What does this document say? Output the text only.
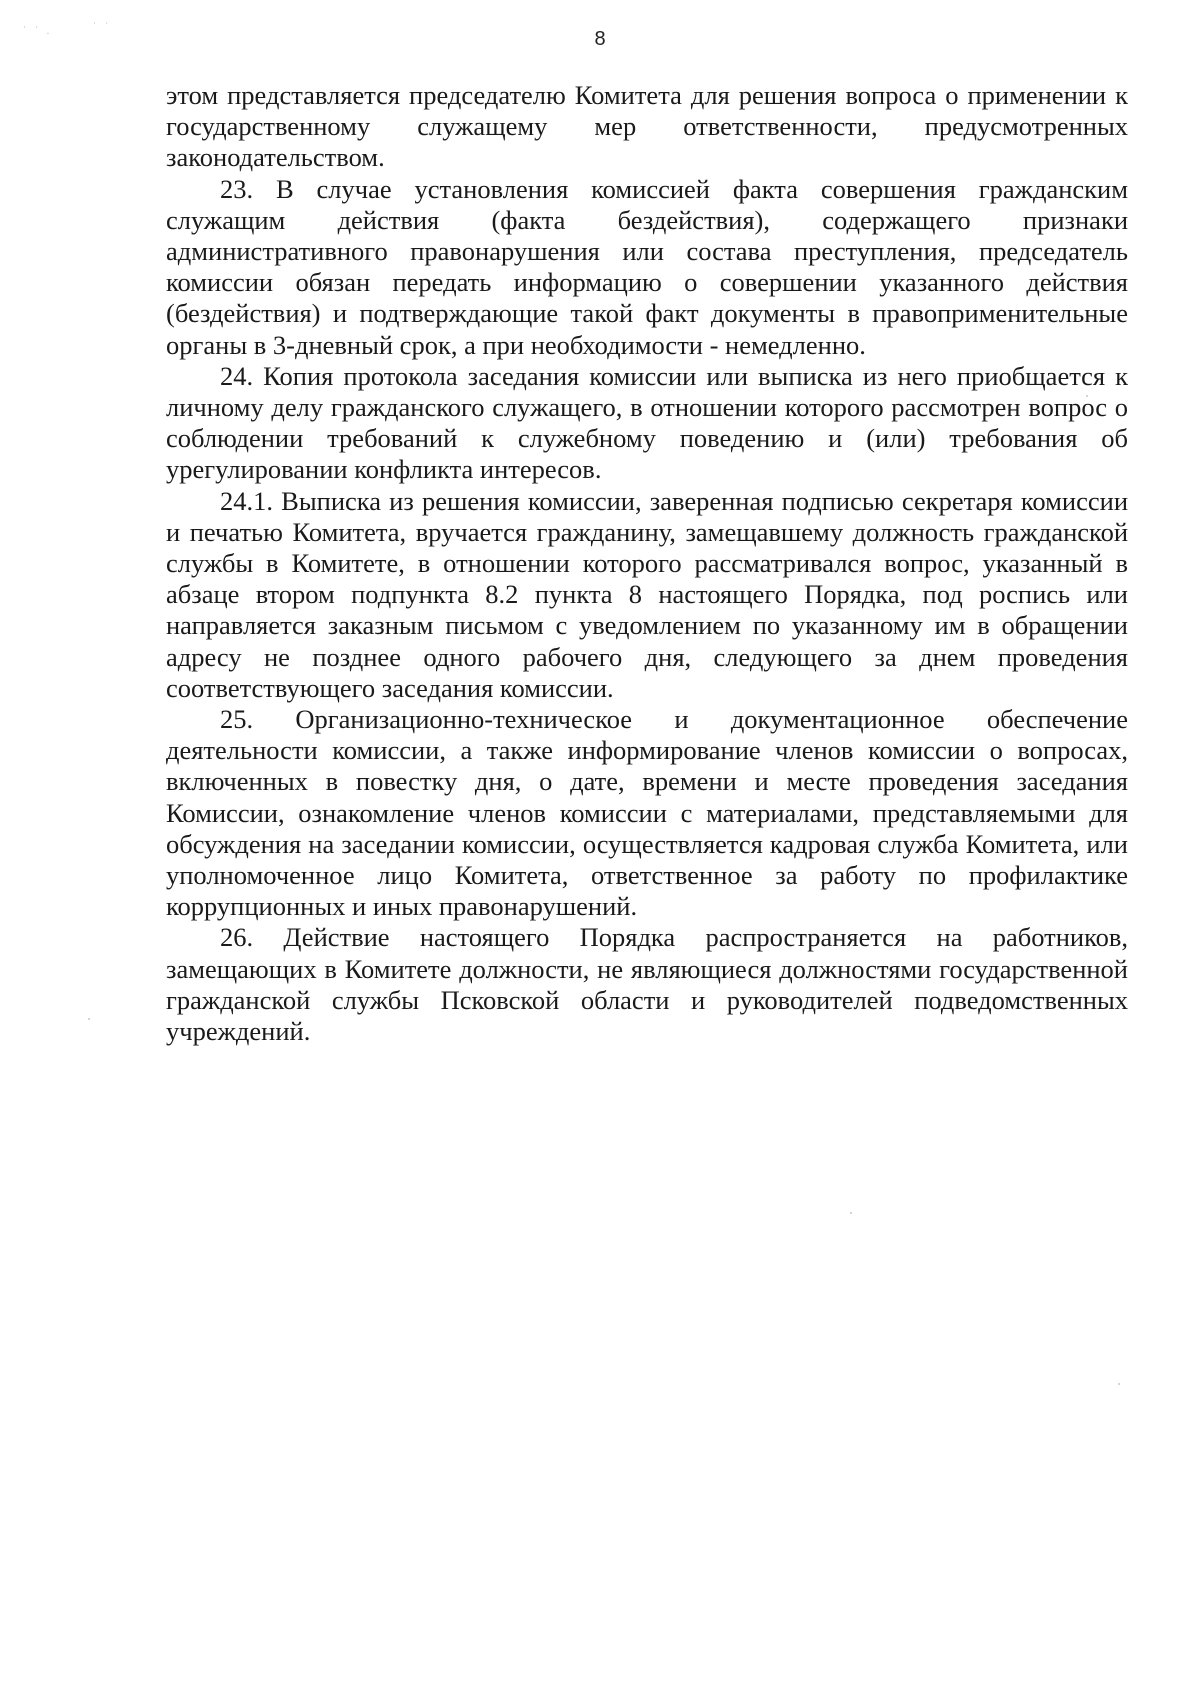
˙ ˙ .	˙ ˙
8

этом представляется председателю Комитета для решения вопроса о применении к государственному служащему мер ответственности, предусмотренных законодательством.

23. В случае установления комиссией факта совершения гражданским служащим действия (факта бездействия), содержащего признаки административного правонарушения или состава преступления, председатель комиссии обязан передать информацию о совершении указанного действия (бездействия) и подтверждающие такой факт документы в правоприменительные органы в 3-дневный срок, а при необходимости - немедленно.

24. Копия протокола заседания комиссии или выписка из него приобщается к личному делу гражданского служащего, в отношении которого рассмотрен вопрос о соблюдении требований к служебному поведению и (или) требования об урегулировании конфликта интересов.

24.1. Выписка из решения комиссии, заверенная подписью секретаря комиссии и печатью Комитета, вручается гражданину, замещавшему должность гражданской службы в Комитете, в отношении которого рассматривался вопрос, указанный в абзаце втором подпункта 8.2 пункта 8 настоящего Порядка, под роспись или направляется заказным письмом с уведомлением по указанному им в обращении адресу не позднее одного рабочего дня, следующего за днем проведения соответствующего заседания комиссии.

25. Организационно-техническое и документационное обеспечение деятельности комиссии, а также информирование членов комиссии о вопросах, включенных в повестку дня, о дате, времени и месте проведения заседания Комиссии, ознакомление членов комиссии с материалами, представляемыми для обсуждения на заседании комиссии, осуществляется кадровая служба Комитета, или уполномоченное лицо Комитета, ответственное за работу по профилактике коррупционных и иных правонарушений.

26. Действие настоящего Порядка распространяется на работников, замещающих в Комитете должности, не являющиеся должностями государственной гражданской службы Псковской области и руководителей подведомственных учреждений.
